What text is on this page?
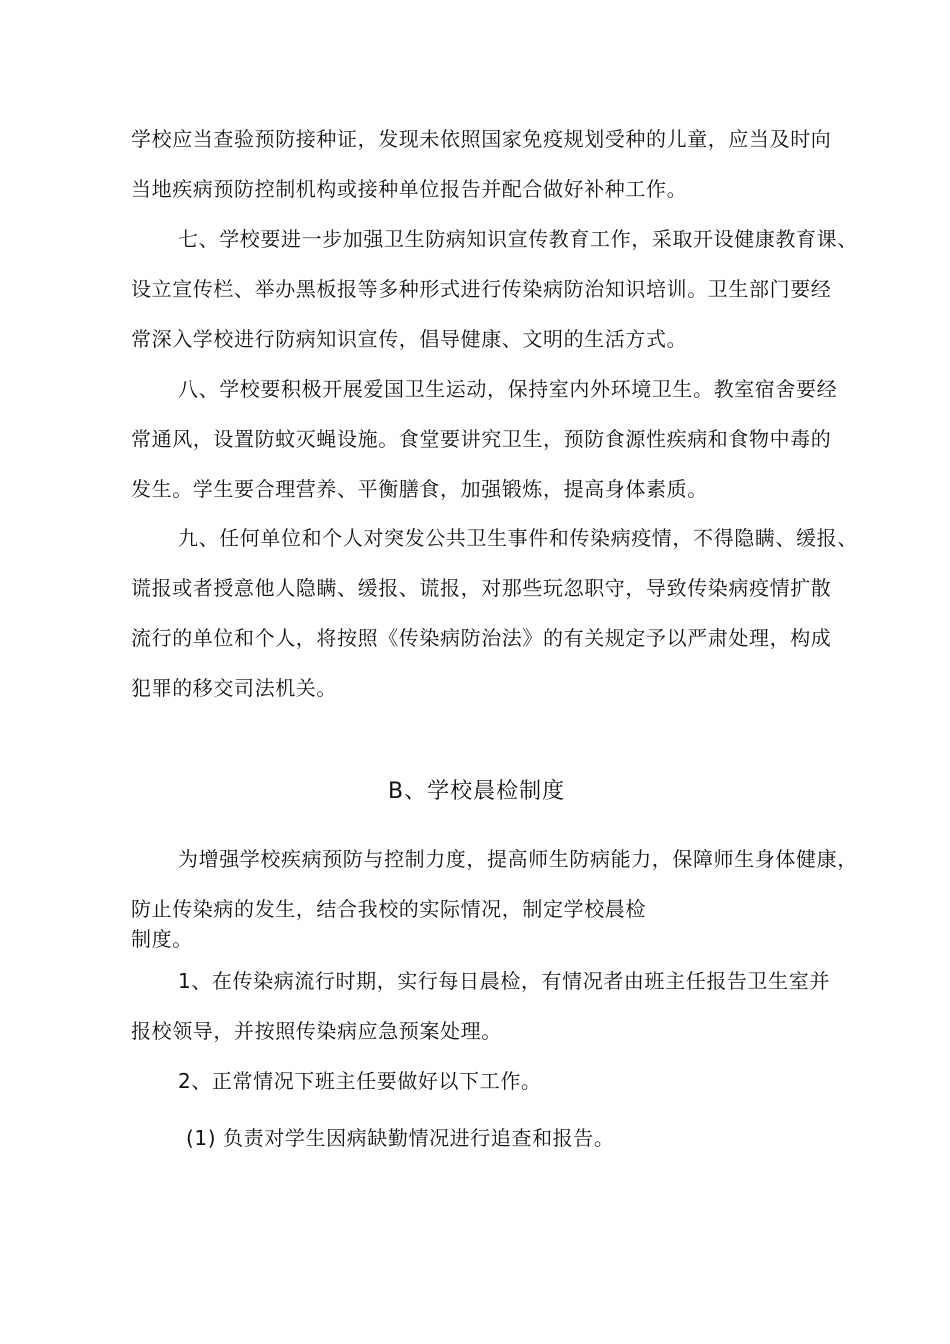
学校应当查验预防接种证，发现未依照国家免疫规划受种的儿童，应当及时向
当地疾病预防控制机构或接种单位报告并配合做好补种工作。
七、学校要进一步加强卫生防病知识宣传教育工作，采取开设健康教育课、
设立宣传栏、举办黑板报等多种形式进行传染病防治知识培训。卫生部门要经
常深入学校进行防病知识宣传，倡导健康、文明的生活方式。
八、学校要积极开展爱国卫生运动，保持室内外环境卫生。教室宿舍要经
常通风，设置防蚊灭蝇设施。食堂要讲究卫生，预防食源性疾病和食物中毒的
发生。学生要合理营养、平衡膳食，加强锻炼，提高身体素质。
九、任何单位和个人对突发公共卫生事件和传染病疫情，不得隐瞒、缓报、
谎报或者授意他人隐瞒、缓报、谎报，对那些玩忽职守，导致传染病疫情扩散
流行的单位和个人，将按照《传染病防治法》的有关规定予以严肃处理，构成
犯罪的移交司法机关。
B、学校晨检制度
为增强学校疾病预防与控制力度，提高师生防病能力，保障师生身体健康，
防止传染病的发生，结合我校的实际情况，制定学校晨检
制度。
1、在传染病流行时期，实行每日晨检，有情况者由班主任报告卫生室并
报校领导，并按照传染病应急预案处理。
2、正常情况下班主任要做好以下工作。
(1) 负责对学生因病缺勤情况进行追查和报告。
